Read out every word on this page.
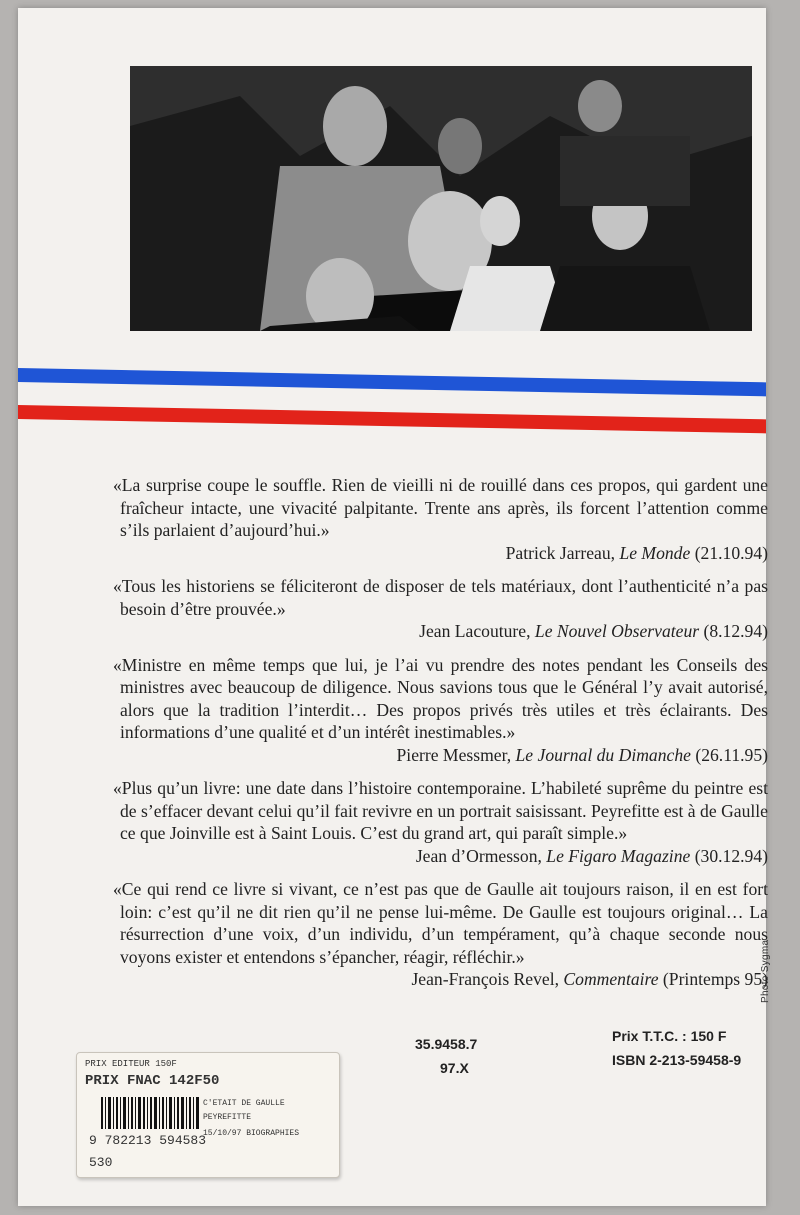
«La surprise coupe le souffle. Rien de vieilli ni de rouillé dans ces propos, qui gardent une fraîcheur intacte, une vivacité palpitante. Trente ans après, ils forcent l’attention comme s’ils parlaient d’aujourd’hui.»
Patrick Jarreau, Le Monde (21.10.94)
«Tous les historiens se féliciteront de disposer de tels matériaux, dont l’authenticité n’a pas besoin d’être prouvée.»
Jean Lacouture, Le Nouvel Observateur (8.12.94)
«Ministre en même temps que lui, je l’ai vu prendre des notes pendant les Conseils des ministres avec beaucoup de diligence. Nous savions tous que le Général l’y avait autorisé, alors que la tradition l’interdit… Des propos privés très utiles et très éclairants. Des informations d’une qualité et d’un intérêt inestimables.»
Pierre Messmer, Le Journal du Dimanche (26.11.95)
«Plus qu’un livre: une date dans l’histoire contemporaine. L’habileté suprême du peintre est de s’effacer devant celui qu’il fait revivre en un portrait saisissant. Peyrefitte est à de Gaulle ce que Joinville est à Saint Louis. C’est du grand art, qui paraît simple.»
Jean d’Ormesson, Le Figaro Magazine (30.12.94)
«Ce qui rend ce livre si vivant, ce n’est pas que de Gaulle ait toujours raison, il en est fort loin: c’est qu’il ne dit rien qu’il ne pense lui-même. De Gaulle est toujours original… La résurrection d’une voix, d’un individu, d’un tempérament, qu’à chaque seconde nous voyons exister et entendons s’épancher, réagir, réfléchir.»
Jean-François Revel, Commentaire (Printemps 95)
Photo Sygma
PRIX EDITEUR 150F
PRIX FNAC 142F50
9 782213 594583
C'ETAIT DE GAULLE
PEYREFITTE
15/10/97 BIOGRAPHIES
530
35.9458.7
97.X
Prix T.T.C. : 150 F
ISBN 2-213-59458-9
